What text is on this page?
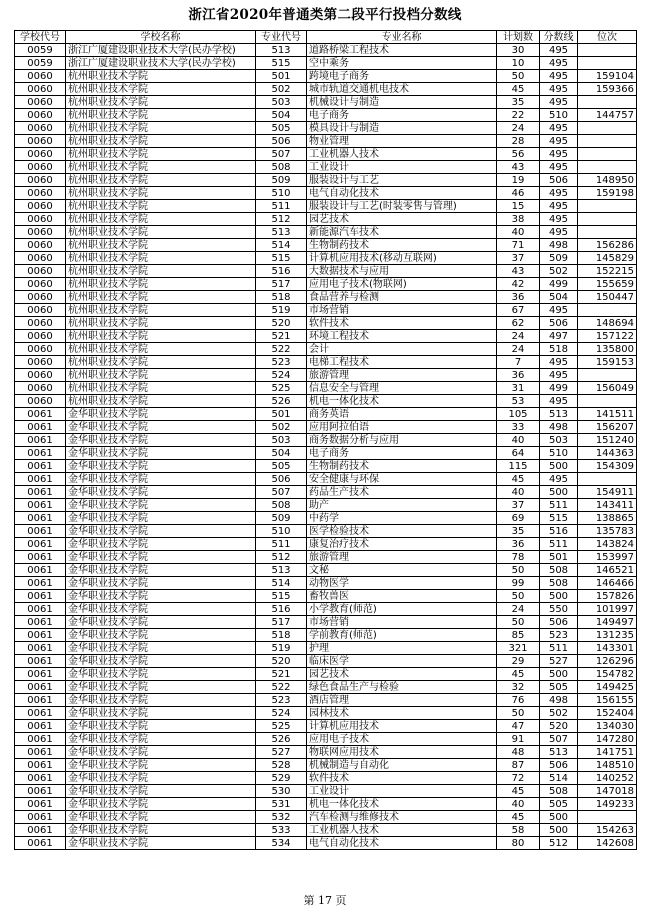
浙江省2020年普通类第二段平行投档分数线
学校代号	学校名称	专业代号	专业名称	计划数	分数线	位次
0059	浙江广厦建设职业技术大学(民办学校)	513	道路桥梁工程技术	30	495	
0059	浙江广厦建设职业技术大学(民办学校)	515	空中乘务	10	495	
0060	杭州职业技术学院	501	跨境电子商务	50	495	159104
0060	杭州职业技术学院	502	城市轨道交通机电技术	45	495	159366
0060	杭州职业技术学院	503	机械设计与制造	35	495	
0060	杭州职业技术学院	504	电子商务	22	510	144757
0060	杭州职业技术学院	505	模具设计与制造	24	495	
0060	杭州职业技术学院	506	物业管理	28	495	
0060	杭州职业技术学院	507	工业机器人技术	56	495	
0060	杭州职业技术学院	508	工业设计	43	495	
0060	杭州职业技术学院	509	服装设计与工艺	19	506	148950
0060	杭州职业技术学院	510	电气自动化技术	46	495	159198
0060	杭州职业技术学院	511	服装设计与工艺(时装零售与管理)	15	495	
0060	杭州职业技术学院	512	园艺技术	38	495	
0060	杭州职业技术学院	513	新能源汽车技术	40	495	
0060	杭州职业技术学院	514	生物制药技术	71	498	156286
0060	杭州职业技术学院	515	计算机应用技术(移动互联网)	37	509	145829
0060	杭州职业技术学院	516	大数据技术与应用	43	502	152215
0060	杭州职业技术学院	517	应用电子技术(物联网)	42	499	155659
0060	杭州职业技术学院	518	食品营养与检测	36	504	150447
0060	杭州职业技术学院	519	市场营销	67	495	
0060	杭州职业技术学院	520	软件技术	62	506	148694
0060	杭州职业技术学院	521	环境工程技术	24	497	157122
0060	杭州职业技术学院	522	会计	24	518	135800
0060	杭州职业技术学院	523	电梯工程技术	7	495	159153
0060	杭州职业技术学院	524	旅游管理	36	495	
0060	杭州职业技术学院	525	信息安全与管理	31	499	156049
0060	杭州职业技术学院	526	机电一体化技术	53	495	
0061	金华职业技术学院	501	商务英语	105	513	141511
0061	金华职业技术学院	502	应用阿拉伯语	33	498	156207
0061	金华职业技术学院	503	商务数据分析与应用	40	503	151240
0061	金华职业技术学院	504	电子商务	64	510	144363
0061	金华职业技术学院	505	生物制药技术	115	500	154309
0061	金华职业技术学院	506	安全健康与环保	45	495	
0061	金华职业技术学院	507	药品生产技术	40	500	154911
0061	金华职业技术学院	508	助产	37	511	143411
0061	金华职业技术学院	509	中药学	69	515	138865
0061	金华职业技术学院	510	医学检验技术	35	516	135783
0061	金华职业技术学院	511	康复治疗技术	36	511	143824
0061	金华职业技术学院	512	旅游管理	78	501	153997
0061	金华职业技术学院	513	文秘	50	508	146521
0061	金华职业技术学院	514	动物医学	99	508	146466
0061	金华职业技术学院	515	畜牧兽医	50	500	157826
0061	金华职业技术学院	516	小学教育(师范)	24	550	101997
0061	金华职业技术学院	517	市场营销	50	506	149497
0061	金华职业技术学院	518	学前教育(师范)	85	523	131235
0061	金华职业技术学院	519	护理	321	511	143301
0061	金华职业技术学院	520	临床医学	29	527	126296
0061	金华职业技术学院	521	园艺技术	45	500	154782
0061	金华职业技术学院	522	绿色食品生产与检验	32	505	149425
0061	金华职业技术学院	523	酒店管理	76	498	156155
0061	金华职业技术学院	524	园林技术	50	502	152404
0061	金华职业技术学院	525	计算机应用技术	47	520	134030
0061	金华职业技术学院	526	应用电子技术	91	507	147280
0061	金华职业技术学院	527	物联网应用技术	48	513	141751
0061	金华职业技术学院	528	机械制造与自动化	87	506	148510
0061	金华职业技术学院	529	软件技术	72	514	140252
0061	金华职业技术学院	530	工业设计	45	508	147018
0061	金华职业技术学院	531	机电一体化技术	40	505	149233
0061	金华职业技术学院	532	汽车检测与维修技术	45	500	
0061	金华职业技术学院	533	工业机器人技术	58	500	154263
0061	金华职业技术学院	534	电气自动化技术	80	512	142608
第 17 页
